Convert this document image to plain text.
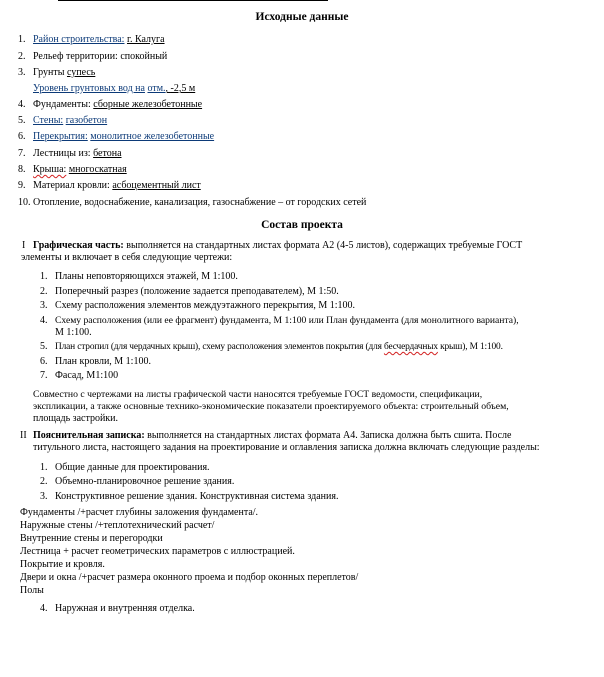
Исходные данные
1. Район строительства: г. Калуга
2. Рельеф территории: спокойный
3. Грунты супесь
Уровень грунтовых вод на отм., -2,5 м
4. Фундаменты: сборные железобетонные
5. Стены: газобетон
6. Перекрытия: монолитное железобетонные
7. Лестницы из: бетона
8. Крыша: многоскатная
9. Материал кровли: асбоцементный лист
10. Отопление, водоснабжение, канализация, газоснабжение – от городских сетей
Состав проекта
I Графическая часть: выполняется на стандартных листах формата А2 (4-5 листов), содержащих требуемые ГОСТ
элементы и включает в себя следующие чертежи:
1. Планы неповторяющихся этажей, М 1:100.
2. Поперечный разрез (положение задается преподавателем), М 1:50.
3. Схему расположения элементов междуэтажного перекрытия, М 1:100.
4. Схему расположения (или ее фрагмент) фундамента, М 1:100 или План фундамента (для монолитного варианта),
М 1:100.
5. План стропил (для чердачных крыш), схему расположения элементов покрытия (для бесчердачных крыш), М 1:100.
6. План кровли, М 1:100.
7. Фасад, М1:100
Совместно с чертежами на листы графической части наносятся требуемые ГОСТ ведомости, спецификации,
экспликации, а также основные технико-экономические показатели проектируемого объекта: строительный объем,
площадь застройки.
II Пояснительная записка: выполняется на стандартных листах формата А4. Записка должна быть сшита. После
титульного листа, настоящего задания на проектирование и оглавления записка должна включать следующие разделы:
1. Общие данные для проектирования.
2. Объемно-планировочное решение здания.
3. Конструктивное решение здания. Конструктивная система здания.
Фундаменты /+расчет глубины заложения фундамента/.
Наружные стены /+теплотехнический расчет/
Внутренние стены и перегородки
Лестница + расчет геометрических параметров с иллюстрацией.
Покрытие и кровля.
Двери и окна /+расчет размера оконного проема и подбор оконных переплетов/
Полы
4. Наружная и внутренняя отделка.
